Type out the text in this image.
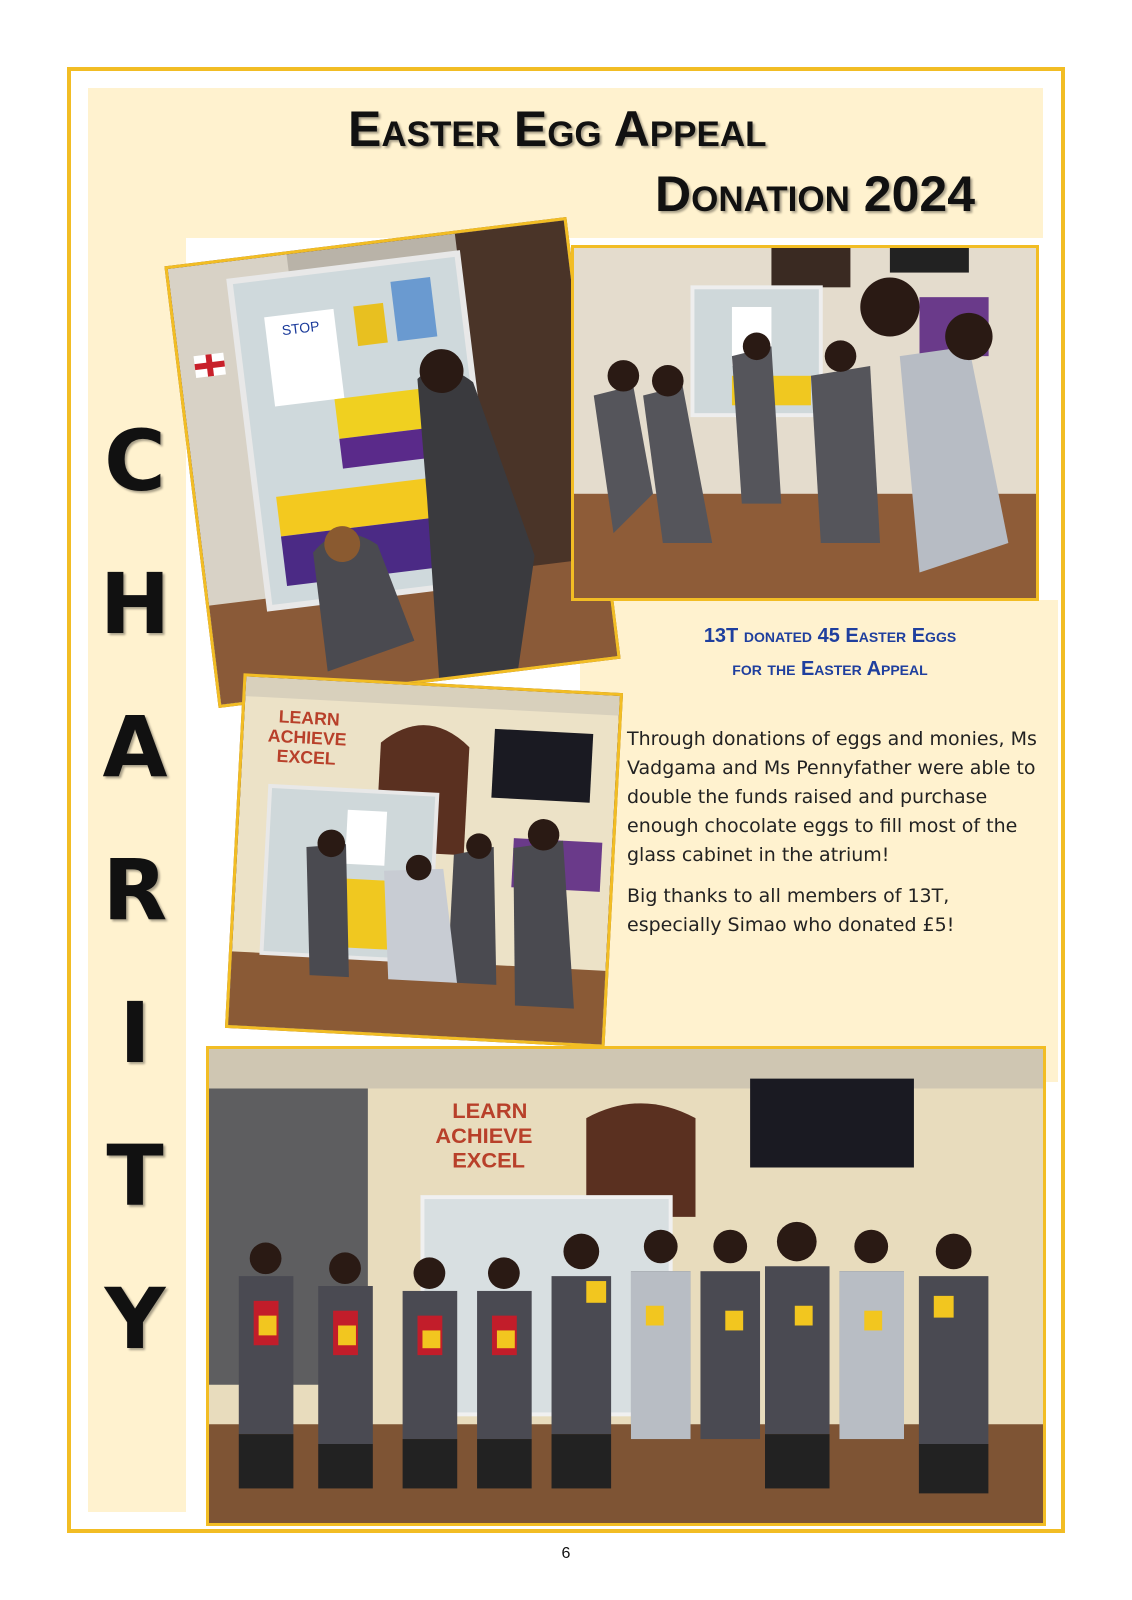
Easter Egg Appeal
Donation 2024
C
H
A
R
I
T
Y
STOP
LEARN
ACHIEVE
EXCEL
LEARN
ACHIEVE
EXCEL
13T donated 45 Easter Eggs
for the Easter Appeal

Through donations of eggs and monies, Ms Vadgama and Ms Pennyfather were able to double the funds raised and purchase enough chocolate eggs to fill most of the glass cabinet in the atrium!

Big thanks to all members of 13T, especially Simao who donated £5!

6
